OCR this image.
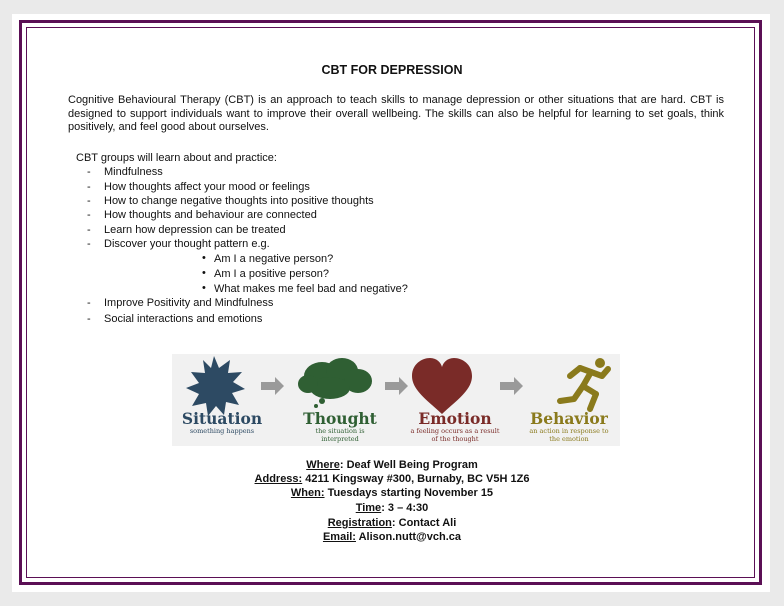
CBT FOR DEPRESSION
Cognitive Behavioural Therapy (CBT) is an approach to teach skills to manage depression or other situations that are hard. CBT is designed to support individuals want to improve their overall wellbeing. The skills can also be helpful for learning to set goals, think positively, and feel good about ourselves.
CBT groups will learn about and practice:
- Mindfulness
- How thoughts affect your mood or feelings
- How to change negative thoughts into positive thoughts
- How thoughts and behaviour are connected
- Learn how depression can be treated
- Discover your thought pattern e.g.
• Am I a negative person?
• Am I a positive person?
• What makes me feel bad and negative?
- Improve Positivity and Mindfulness
- Social interactions and emotions
Situation
something happens
Thought
the situation is interpreted
Emotion
a feeling occurs as a result of the thought
Behavior
an action in response to the emotion
Where: Deaf Well Being Program
Address: 4211 Kingsway #300, Burnaby, BC V5H 1Z6
When: Tuesdays starting November 15
Time: 3 – 4:30
Registration: Contact Ali
Email: Alison.nutt@vch.ca
